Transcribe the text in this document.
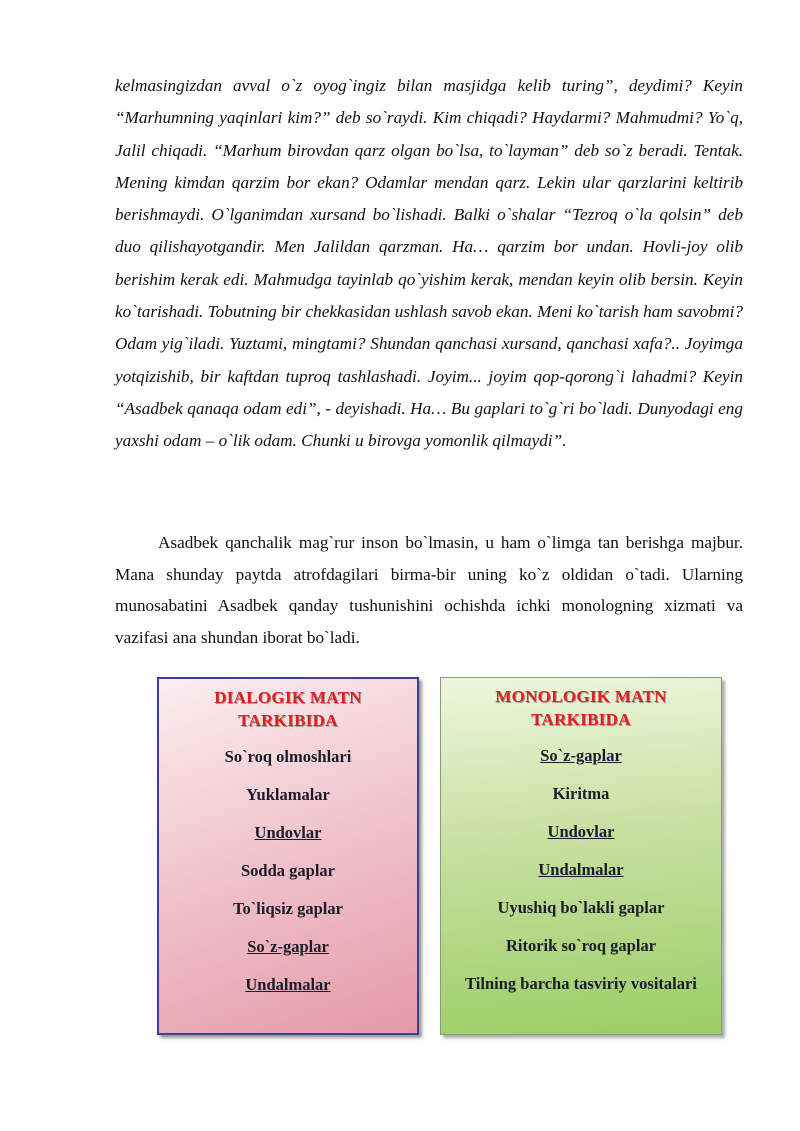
kelmasingizdan avval o`z oyog`ingiz bilan masjidga kelib turing”, deydimi? Keyin “Marhumning yaqinlari kim?” deb so`raydi. Kim chiqadi? Haydarmi? Mahmudmi? Yo`q, Jalil chiqadi. “Marhum birovdan qarz olgan bo`lsa, to`layman” deb so`z beradi. Tentak. Mening kimdan qarzim bor ekan? Odamlar mendan qarz. Lekin ular qarzlarini keltirib berishmaydi. O`lganimdan xursand bo`lishadi. Balki o`shalar “Tezroq o`la qolsin” deb duo qilishayotgandir. Men Jalildan qarzman. Ha… qarzim bor undan. Hovli-joy olib berishim kerak edi. Mahmudga tayinlab qo`yishim kerak, mendan keyin olib bersin. Keyin ko`tarishadi. Tobutning bir chekkasidan ushlash savob ekan. Meni ko`tarish ham savobmi? Odam yig`iladi. Yuztami, mingtami? Shundan qanchasi xursand, qanchasi xafa?.. Joyimga yotqizishib, bir kaftdan tuproq tashlashadi. Joyim... joyim qop-qorong`i lahadmi? Keyin “Asadbek qanaqa odam edi”, - deyishadi. Ha… Bu gaplari to`g`ri bo`ladi. Dunyodagi eng yaxshi odam – o`lik odam. Chunki u birovga yomonlik qilmaydi”.

Asadbek qanchalik mag`rur inson bo`lmasin, u ham o`limga tan berishga majbur. Mana shunday paytda atrofdagilari birma-bir uning ko`z oldidan o`tadi. Ularning munosabatini Asadbek qanday tushunishini ochishda ichki monologning xizmati va vazifasi ana shundan iborat bo`ladi.

DIALOGIK MATN
TARKIBIDA
So`roq olmoshlari
Yuklamalar
Undovlar
Sodda gaplar
To`liqsiz gaplar
So`z-gaplar
Undalmalar
MONOLOGIK MATN
TARKIBIDA
So`z-gaplar
Kiritma
Undovlar
Undalmalar
Uyushiq bo`lakli gaplar
Ritorik so`roq gaplar
Tilning barcha tasviriy vositalari
